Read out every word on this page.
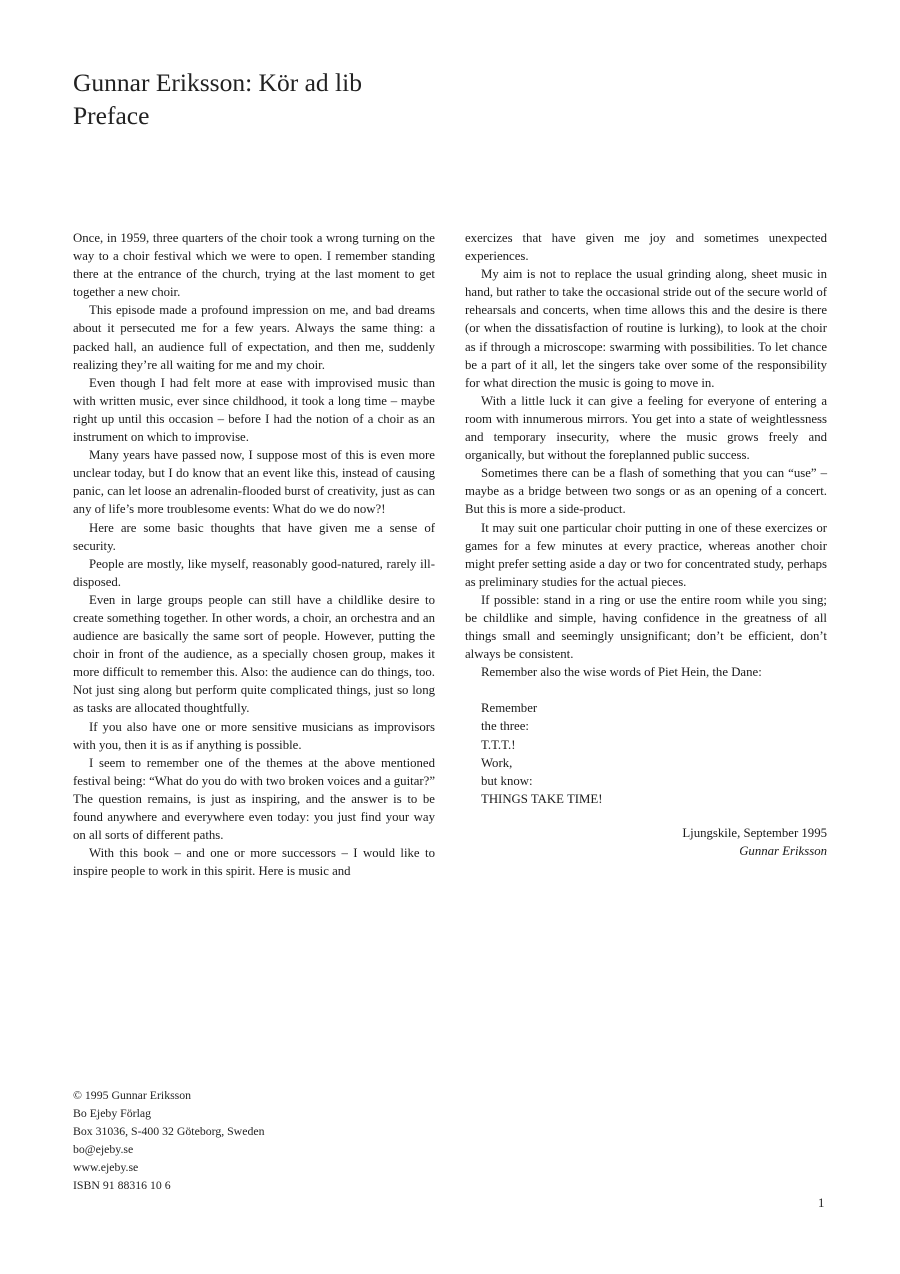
Gunnar Eriksson: Kör ad lib
Preface

Once, in 1959, three quarters of the choir took a wrong turning on the way to a choir festival which we were to open. I remember standing there at the entrance of the church, trying at the last moment to get together a new choir.

This episode made a profound impression on me, and bad dreams about it persecuted me for a few years. Always the same thing: a packed hall, an audience full of expectation, and then me, suddenly realizing they’re all waiting for me and my choir.

Even though I had felt more at ease with improvised music than with written music, ever since childhood, it took a long time – maybe right up until this occasion – before I had the notion of a choir as an instrument on which to improvise.

Many years have passed now, I suppose most of this is even more unclear today, but I do know that an event like this, instead of causing panic, can let loose an adrenalin-flooded burst of creativity, just as can any of life’s more troublesome events: What do we do now?!

Here are some basic thoughts that have given me a sense of security.

People are mostly, like myself, reasonably good-natured, rarely ill-disposed.

Even in large groups people can still have a childlike desire to create something together. In other words, a choir, an orchestra and an audience are basically the same sort of people. However, putting the choir in front of the audience, as a specially chosen group, makes it more difficult to remember this. Also: the audience can do things, too. Not just sing along but perform quite complicated things, just so long as tasks are allocated thoughtfully.

If you also have one or more sensitive musicians as improvisors with you, then it is as if anything is possible.

I seem to remember one of the themes at the above mentioned festival being: “What do you do with two broken voices and a guitar?” The question remains, is just as inspiring, and the answer is to be found anywhere and everywhere even today: you just find your way on all sorts of different paths.

With this book – and one or more successors – I would like to inspire people to work in this spirit. Here is music and

exercizes that have given me joy and sometimes unexpected experiences.

My aim is not to replace the usual grinding along, sheet music in hand, but rather to take the occasional stride out of the secure world of rehearsals and concerts, when time allows this and the desire is there (or when the dissatisfaction of routine is lurking), to look at the choir as if through a microscope: swarming with possibilities. To let chance be a part of it all, let the singers take over some of the responsibility for what direction the music is going to move in.

With a little luck it can give a feeling for everyone of entering a room with innumerous mirrors. You get into a state of weightlessness and temporary insecurity, where the music grows freely and organically, but without the foreplanned public success.

Sometimes there can be a flash of something that you can “use” – maybe as a bridge between two songs or as an opening of a concert. But this is more a side-product.

It may suit one particular choir putting in one of these exercizes or games for a few minutes at every practice, whereas another choir might prefer setting aside a day or two for concentrated study, perhaps as preliminary studies for the actual pieces.

If possible: stand in a ring or use the entire room while you sing; be childlike and simple, having confidence in the greatness of all things small and seemingly unsignificant; don’t be efficient, don’t always be consistent.

Remember also the wise words of Piet Hein, the Dane:

Remember
the three:
T.T.T.!
Work,
but know:
THINGS TAKE TIME!
Ljungskile, September 1995
Gunnar Eriksson
© 1995 Gunnar Eriksson
Bo Ejeby Förlag
Box 31036, S-400 32 Göteborg, Sweden
bo@ejeby.se
www.ejeby.se
ISBN 91 88316 10 6
1
